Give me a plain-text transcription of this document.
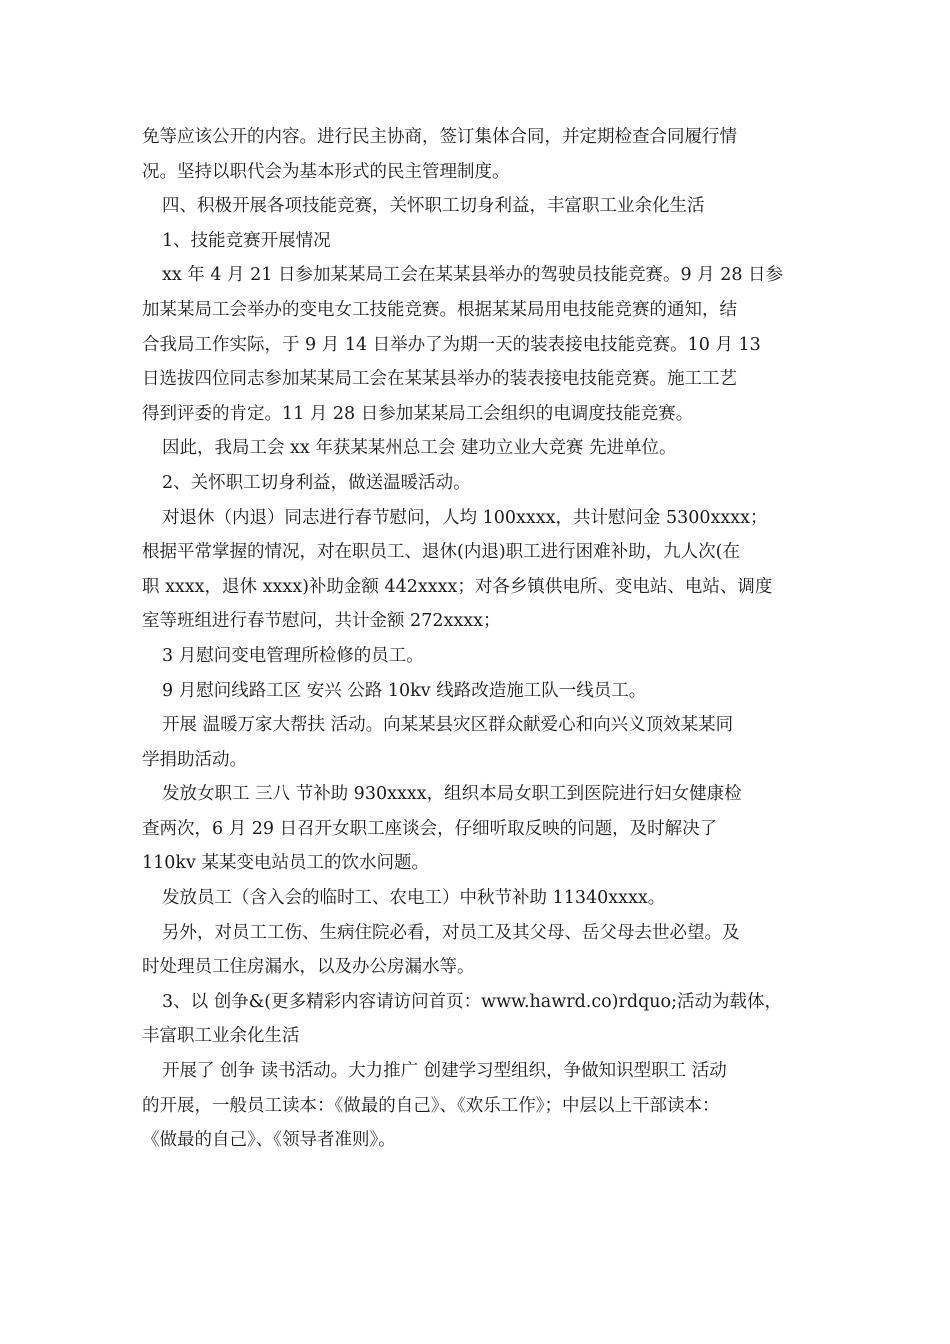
免等应该公开的内容。进行民主协商，签订集体合同，并定期检查合同履行情
况。坚持以职代会为基本形式的民主管理制度。
四、积极开展各项技能竞赛，关怀职工切身利益，丰富职工业余化生活
1、技能竞赛开展情况
xx 年 4 月 21 日参加某某局工会在某某县举办的驾驶员技能竞赛。9 月 28 日参
加某某局工会举办的变电女工技能竞赛。根据某某局用电技能竞赛的通知，结
合我局工作实际，于 9 月 14 日举办了为期一天的装表接电技能竞赛。10 月 13
日选拔四位同志参加某某局工会在某某县举办的装表接电技能竞赛。施工工艺
得到评委的肯定。11 月 28 日参加某某局工会组织的电调度技能竞赛。
因此，我局工会 xx 年获某某州总工会 建功立业大竞赛 先进单位。
2、关怀职工切身利益，做送温暖活动。
对退休（内退）同志进行春节慰问，人均 100xxxx，共计慰问金 5300xxxx；
根据平常掌握的情况，对在职员工、退休(内退)职工进行困难补助，九人次(在
职 xxxx，退休 xxxx)补助金额 442xxxx；对各乡镇供电所、变电站、电站、调度
室等班组进行春节慰问，共计金额 272xxxx；
3 月慰问变电管理所检修的员工。
9 月慰问线路工区 安兴 公路 10kv 线路改造施工队一线员工。
开展 温暖万家大帮扶 活动。向某某县灾区群众献爱心和向兴义顶效某某同
学捐助活动。
发放女职工 三八 节补助 930xxxx，组织本局女职工到医院进行妇女健康检
查两次，6 月 29 日召开女职工座谈会，仔细听取反映的问题，及时解决了
110kv 某某变电站员工的饮水问题。
发放员工（含入会的临时工、农电工）中秋节补助 11340xxxx。
另外，对员工工伤、生病住院必看，对员工及其父母、岳父母去世必望。及
时处理员工住房漏水，以及办公房漏水等。
3、以 创争&(更多精彩内容请访问首页：www.hawrd.co)rdquo;活动为载体，
丰富职工业余化生活
开展了 创争 读书活动。大力推广 创建学习型组织，争做知识型职工 活动
的开展，一般员工读本：《做最的自己》、《欢乐工作》；中层以上干部读本：
《做最的自己》、《领导者准则》。
